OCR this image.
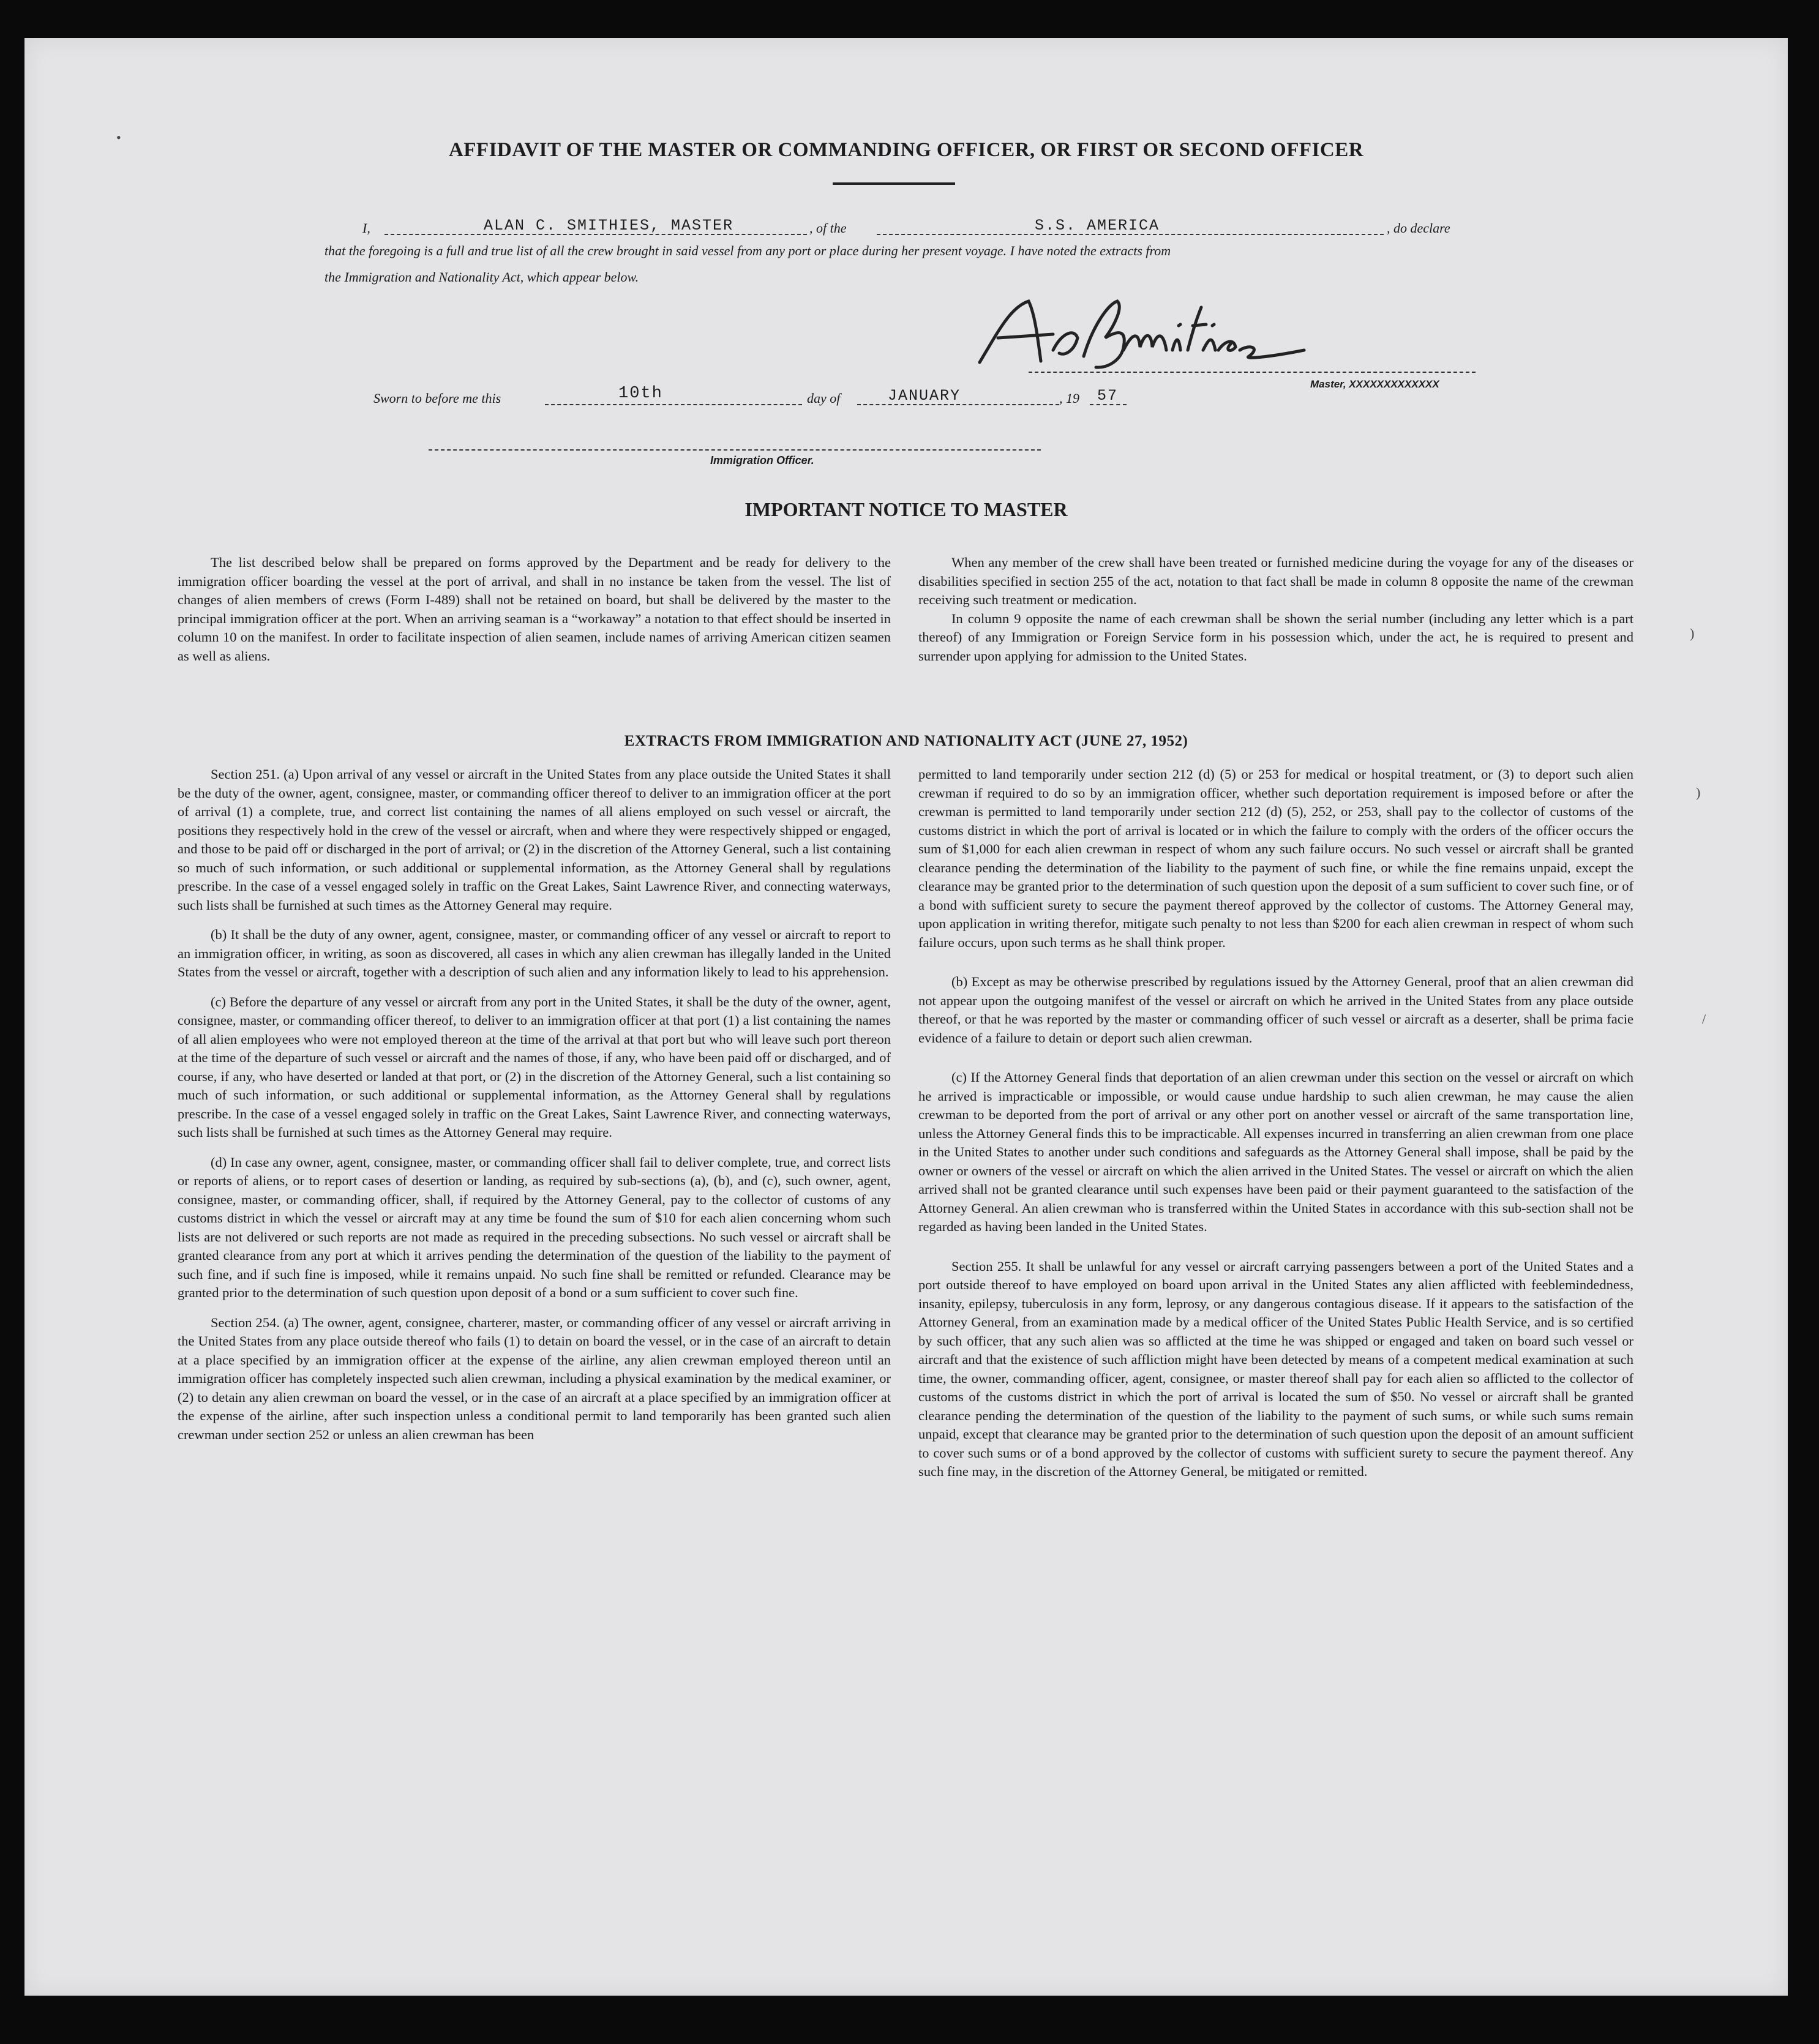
AFFIDAVIT OF THE MASTER OR COMMANDING OFFICER, OR FIRST OR SECOND OFFICER
I,	ALAN C. SMITHIES, MASTER	, of the	S.S. AMERICA	, do declare
that the foregoing is a full and true list of all the crew brought in said vessel from any port or place during her present voyage. I have noted the extracts from
the Immigration and Nationality Act, which appear below.
Master, XXXXXXXXXXXXX
Sworn to before me this	10th	day of	JANUARY	, 19 57
Immigration Officer.
IMPORTANT NOTICE TO MASTER

The list described below shall be prepared on forms approved by the Department and be ready for delivery to the immigration officer boarding the vessel at the port of arrival, and shall in no instance be taken from the vessel. The list of changes of alien members of crews (Form I-489) shall not be retained on board, but shall be delivered by the master to the principal immigration officer at the port. When an arriving seaman is a “workaway” a notation to that effect should be inserted in column 10 on the manifest. In order to facilitate inspection of alien seamen, include names of arriving American citizen seamen as well as aliens.

When any member of the crew shall have been treated or furnished medicine during the voyage for any of the diseases or disabilities specified in section 255 of the act, notation to that fact shall be made in column 8 opposite the name of the crewman receiving such treatment or medication.

In column 9 opposite the name of each crewman shall be shown the serial number (including any letter which is a part thereof) of any Immigration or Foreign Service form in his possession which, under the act, he is required to present and surrender upon applying for admission to the United States.

EXTRACTS FROM IMMIGRATION AND NATIONALITY ACT (JUNE 27, 1952)

Section 251. (a) Upon arrival of any vessel or aircraft in the United States from any place outside the United States it shall be the duty of the owner, agent, consignee, master, or commanding officer thereof to deliver to an immigration officer at the port of arrival (1) a complete, true, and correct list containing the names of all aliens employed on such vessel or aircraft, the positions they respectively hold in the crew of the vessel or aircraft, when and where they were respectively shipped or engaged, and those to be paid off or discharged in the port of arrival; or (2) in the discretion of the Attorney General, such a list containing so much of such information, or such additional or supplemental information, as the Attorney General shall by regulations prescribe. In the case of a vessel engaged solely in traffic on the Great Lakes, Saint Lawrence River, and connecting waterways, such lists shall be furnished at such times as the Attorney General may require.

(b) It shall be the duty of any owner, agent, consignee, master, or commanding officer of any vessel or aircraft to report to an immigration officer, in writing, as soon as discovered, all cases in which any alien crewman has illegally landed in the United States from the vessel or aircraft, together with a description of such alien and any information likely to lead to his apprehension.

(c) Before the departure of any vessel or aircraft from any port in the United States, it shall be the duty of the owner, agent, consignee, master, or commanding officer thereof, to deliver to an immigration officer at that port (1) a list containing the names of all alien employees who were not employed thereon at the time of the arrival at that port but who will leave such port thereon at the time of the departure of such vessel or aircraft and the names of those, if any, who have been paid off or discharged, and of course, if any, who have deserted or landed at that port, or (2) in the discretion of the Attorney General, such a list containing so much of such information, or such additional or supplemental information, as the Attorney General shall by regulations prescribe. In the case of a vessel engaged solely in traffic on the Great Lakes, Saint Lawrence River, and connecting waterways, such lists shall be furnished at such times as the Attorney General may require.

(d) In case any owner, agent, consignee, master, or commanding officer shall fail to deliver complete, true, and correct lists or reports of aliens, or to report cases of desertion or landing, as required by sub-sections (a), (b), and (c), such owner, agent, consignee, master, or commanding officer, shall, if required by the Attorney General, pay to the collector of customs of any customs district in which the vessel or aircraft may at any time be found the sum of $10 for each alien concerning whom such lists are not delivered or such reports are not made as required in the preceding subsections. No such vessel or aircraft shall be granted clearance from any port at which it arrives pending the determination of the question of the liability to the payment of such fine, and if such fine is imposed, while it remains unpaid. No such fine shall be remitted or refunded. Clearance may be granted prior to the determination of such question upon deposit of a bond or a sum sufficient to cover such fine.

Section 254. (a) The owner, agent, consignee, charterer, master, or commanding officer of any vessel or aircraft arriving in the United States from any place outside thereof who fails (1) to detain on board the vessel, or in the case of an aircraft to detain at a place specified by an immigration officer at the expense of the airline, any alien crewman employed thereon until an immigration officer has completely inspected such alien crewman, including a physical examination by the medical examiner, or (2) to detain any alien crewman on board the vessel, or in the case of an aircraft at a place specified by an immigration officer at the expense of the airline, after such inspection unless a conditional permit to land temporarily has been granted such alien crewman under section 252 or unless an alien crewman has been

permitted to land temporarily under section 212 (d) (5) or 253 for medical or hospital treatment, or (3) to deport such alien crewman if required to do so by an immigration officer, whether such deportation requirement is imposed before or after the crewman is permitted to land temporarily under section 212 (d) (5), 252, or 253, shall pay to the collector of customs of the customs district in which the port of arrival is located or in which the failure to comply with the orders of the officer occurs the sum of $1,000 for each alien crewman in respect of whom any such failure occurs. No such vessel or aircraft shall be granted clearance pending the determination of the liability to the payment of such fine, or while the fine remains unpaid, except the clearance may be granted prior to the determination of such question upon the deposit of a sum sufficient to cover such fine, or of a bond with sufficient surety to secure the payment thereof approved by the collector of customs. The Attorney General may, upon application in writing therefor, mitigate such penalty to not less than $200 for each alien crewman in respect of whom such failure occurs, upon such terms as he shall think proper.

(b) Except as may be otherwise prescribed by regulations issued by the Attorney General, proof that an alien crewman did not appear upon the outgoing manifest of the vessel or aircraft on which he arrived in the United States from any place outside thereof, or that he was reported by the master or commanding officer of such vessel or aircraft as a deserter, shall be prima facie evidence of a failure to detain or deport such alien crewman.

(c) If the Attorney General finds that deportation of an alien crewman under this section on the vessel or aircraft on which he arrived is impracticable or impossible, or would cause undue hardship to such alien crewman, he may cause the alien crewman to be deported from the port of arrival or any other port on another vessel or aircraft of the same transportation line, unless the Attorney General finds this to be impracticable. All expenses incurred in transferring an alien crewman from one place in the United States to another under such conditions and safeguards as the Attorney General shall impose, shall be paid by the owner or owners of the vessel or aircraft on which the alien arrived in the United States. The vessel or aircraft on which the alien arrived shall not be granted clearance until such expenses have been paid or their payment guaranteed to the satisfaction of the Attorney General. An alien crewman who is transferred within the United States in accordance with this sub-section shall not be regarded as having been landed in the United States.

Section 255. It shall be unlawful for any vessel or aircraft carrying passengers between a port of the United States and a port outside thereof to have employed on board upon arrival in the United States any alien afflicted with feeblemindedness, insanity, epilepsy, tuberculosis in any form, leprosy, or any dangerous contagious disease. If it appears to the satisfaction of the Attorney General, from an examination made by a medical officer of the United States Public Health Service, and is so certified by such officer, that any such alien was so afflicted at the time he was shipped or engaged and taken on board such vessel or aircraft and that the existence of such affliction might have been detected by means of a competent medical examination at such time, the owner, commanding officer, agent, consignee, or master thereof shall pay for each alien so afflicted to the collector of customs of the customs district in which the port of arrival is located the sum of $50. No vessel or aircraft shall be granted clearance pending the determination of the question of the liability to the payment of such sums, or while such sums remain unpaid, except that clearance may be granted prior to the determination of such question upon the deposit of an amount sufficient to cover such sums or of a bond approved by the collector of customs with sufficient surety to secure the payment thereof. Any such fine may, in the discretion of the Attorney General, be mitigated or remitted.

•
)
)
/
